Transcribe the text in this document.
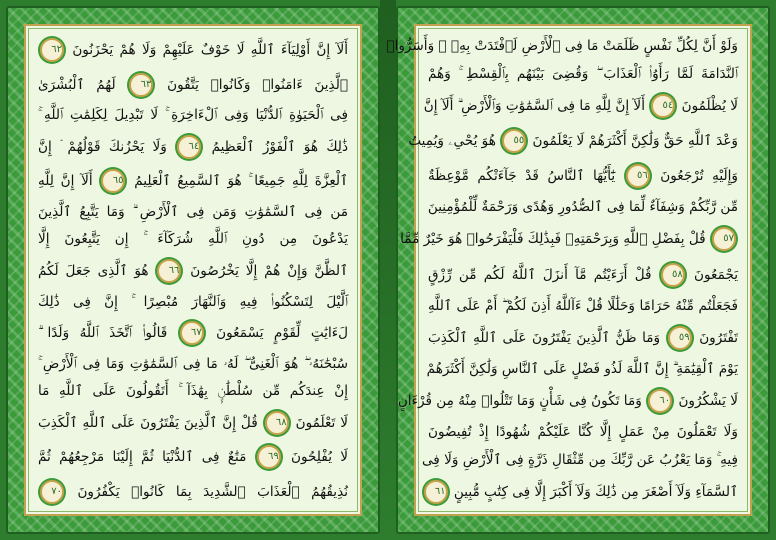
أَلَآ إِنَّ أَوْلِيَآءَ ٱللَّهِ لَا خَوْفٌ عَلَيْهِمْ وَلَا هُمْ يَحْزَنُونَ ٦٢
ٱلَّذِينَ ءَامَنُوا۟ وَكَانُوا۟ يَتَّقُونَ ٦٣ لَهُمُ ٱلْبُشْرَىٰ
فِى ٱلْحَيَوٰةِ ٱلدُّنْيَا وَفِى ٱلْءَاخِرَةِ ۚ لَا تَبْدِيلَ لِكَلِمَٰتِ ٱللَّهِ ۚ
ذَٰلِكَ هُوَ ٱلْفَوْزُ ٱلْعَظِيمُ ٦٤ وَلَا يَحْزُنكَ قَوْلُهُمْ ۘ إِنَّ
ٱلْعِزَّةَ لِلَّهِ جَمِيعًا ۚ هُوَ ٱلسَّمِيعُ ٱلْعَلِيمُ ٦٥ أَلَآ إِنَّ لِلَّهِ
مَن فِى ٱلسَّمَٰوَٰتِ وَمَن فِى ٱلْأَرْضِ ۗ وَمَا يَتَّبِعُ ٱلَّذِينَ
يَدْعُونَ مِن دُونِ ٱللَّهِ شُرَكَآءَ ۚ إِن يَتَّبِعُونَ إِلَّا
ٱلظَّنَّ وَإِنْ هُمْ إِلَّا يَخْرُصُونَ ٦٦ هُوَ ٱلَّذِى جَعَلَ لَكُمُ
ٱلَّيْلَ لِتَسْكُنُوا۟ فِيهِ وَٱلنَّهَارَ مُبْصِرًا ۚ إِنَّ فِى ذَٰلِكَ
لَءَايَٰتٍ لِّقَوْمٍ يَسْمَعُونَ ٦٧ قَالُوا۟ ٱتَّخَذَ ٱللَّهُ وَلَدًا ۗ
سُبْحَٰنَهُۥ ۖ هُوَ ٱلْغَنِىُّ ۖ لَهُۥ مَا فِى ٱلسَّمَٰوَٰتِ وَمَا فِى ٱلْأَرْضِ ۚ
إِنْ عِندَكُم مِّن سُلْطَٰنٍۭ بِهَٰذَآ ۚ أَتَقُولُونَ عَلَى ٱللَّهِ مَا
لَا تَعْلَمُونَ ٦٨ قُلْ إِنَّ ٱلَّذِينَ يَفْتَرُونَ عَلَى ٱللَّهِ ٱلْكَذِبَ
لَا يُفْلِحُونَ ٦٩ مَتَٰعٌ فِى ٱلدُّنْيَا ثُمَّ إِلَيْنَا مَرْجِعُهُمْ ثُمَّ
نُذِيقُهُمُ ٱلْعَذَابَ ٱلشَّدِيدَ بِمَا كَانُوا۟ يَكْفُرُونَ ٧٠
وَلَوْ أَنَّ لِكُلِّ نَفْسٍ ظَلَمَتْ مَا فِى ٱلْأَرْضِ لَٱفْتَدَتْ بِهِۦ ۗ وَأَسَرُّوا۟
ٱلنَّدَامَةَ لَمَّا رَأَوُا۟ ٱلْعَذَابَ ۖ وَقُضِىَ بَيْنَهُم بِٱلْقِسْطِ ۚ وَهُمْ
لَا يُظْلَمُونَ ٥٤ أَلَآ إِنَّ لِلَّهِ مَا فِى ٱلسَّمَٰوَٰتِ وَٱلْأَرْضِ ۗ أَلَآ إِنَّ
وَعْدَ ٱللَّهِ حَقٌّ وَلَٰكِنَّ أَكْثَرَهُمْ لَا يَعْلَمُونَ ٥٥ هُوَ يُحْىِۦ وَيُمِيتُ
وَإِلَيْهِ تُرْجَعُونَ ٥٦ يَٰٓأَيُّهَا ٱلنَّاسُ قَدْ جَآءَتْكُم مَّوْعِظَةٌ
مِّن رَّبِّكُمْ وَشِفَآءٌ لِّمَا فِى ٱلصُّدُورِ وَهُدًى وَرَحْمَةٌ لِّلْمُؤْمِنِينَ
٥٧ قُلْ بِفَضْلِ ٱللَّهِ وَبِرَحْمَتِهِۦ فَبِذَٰلِكَ فَلْيَفْرَحُوا۟ هُوَ خَيْرٌ مِّمَّا
يَجْمَعُونَ ٥٨ قُلْ أَرَءَيْتُم مَّآ أَنزَلَ ٱللَّهُ لَكُم مِّن رِّزْقٍ
فَجَعَلْتُم مِّنْهُ حَرَامًا وَحَلَٰلًا قُلْ ءَآللَّهُ أَذِنَ لَكُمْ ۖ أَمْ عَلَى ٱللَّهِ
تَفْتَرُونَ ٥٩ وَمَا ظَنُّ ٱلَّذِينَ يَفْتَرُونَ عَلَى ٱللَّهِ ٱلْكَذِبَ
يَوْمَ ٱلْقِيَٰمَةِ ۗ إِنَّ ٱللَّهَ لَذُو فَضْلٍ عَلَى ٱلنَّاسِ وَلَٰكِنَّ أَكْثَرَهُمْ
لَا يَشْكُرُونَ ٦٠ وَمَا تَكُونُ فِى شَأْنٍ وَمَا تَتْلُوا۟ مِنْهُ مِن قُرْءَانٍ
وَلَا تَعْمَلُونَ مِنْ عَمَلٍ إِلَّا كُنَّا عَلَيْكُمْ شُهُودًا إِذْ تُفِيضُونَ
فِيهِ ۚ وَمَا يَعْزُبُ عَن رَّبِّكَ مِن مِّثْقَالِ ذَرَّةٍ فِى ٱلْأَرْضِ وَلَا فِى
ٱلسَّمَآءِ وَلَآ أَصْغَرَ مِن ذَٰلِكَ وَلَآ أَكْبَرَ إِلَّا فِى كِتَٰبٍ مُّبِينٍ ٦١
